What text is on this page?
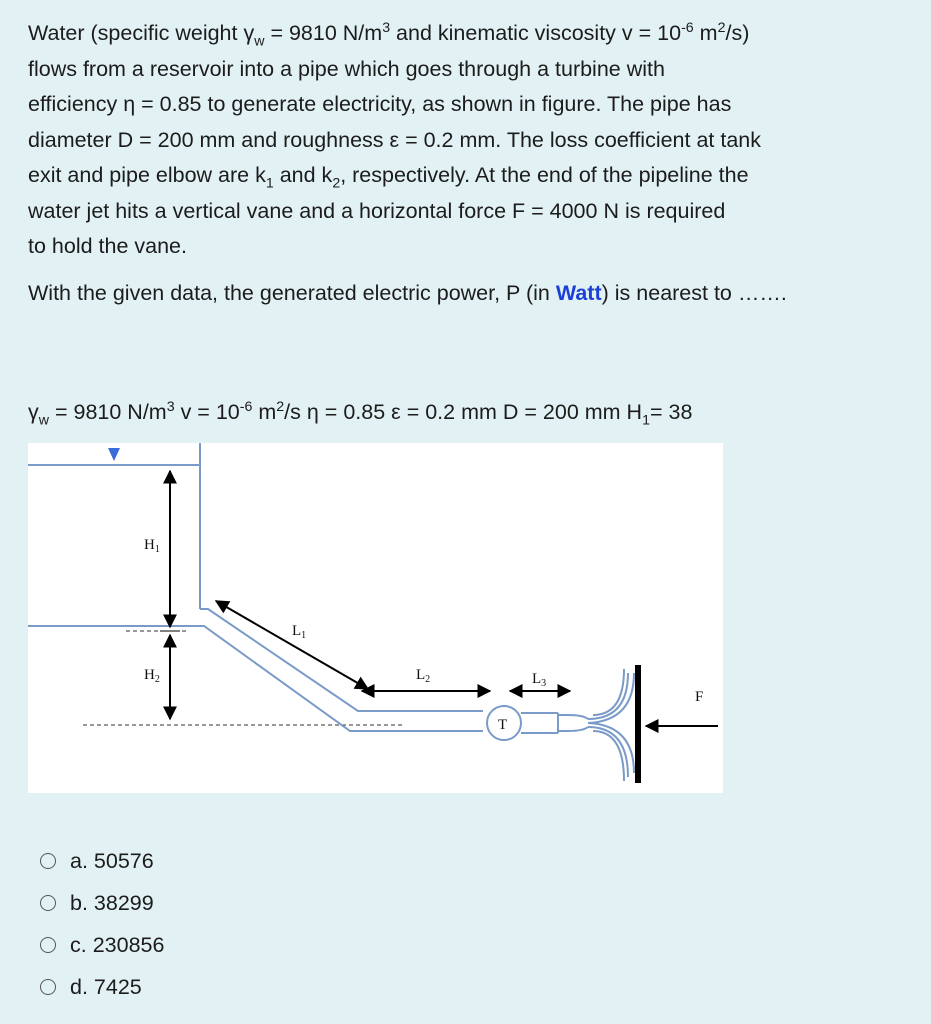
Water (specific weight $\gamma_w = 9810$ $N/m^3$ and kinematic viscosity $v = 10^{-6}$ $m^2/s$)
flows from a reservoir into a pipe which goes through a turbine with
efficiency η = 0.85 to generate electricity, as shown in figure. The pipe has
diameter D = 200 mm and roughness ε = 0.2 mm. The loss coefficient at tank
exit and pipe elbow are $k_1$ and $k_2$, respectively. At the end of the pipeline the
water jet hits a vertical vane and a horizontal force F = 4000 N is required
to hold the vane.

With the given data, the generated electric power, P (in Watt) is nearest to …….

$\gamma_w = 9810$ $N/m^3$ $v = 10^{-6}$ $m^2/s$ η = 0.85 ε = 0.2 mm D = 200 mm $H_1= 38$

$H_1$
$H_2$
T
F
$L_1$
$L_2$	$L_3$
a. 50576
b. 38299
c. 230856
d. 7425
